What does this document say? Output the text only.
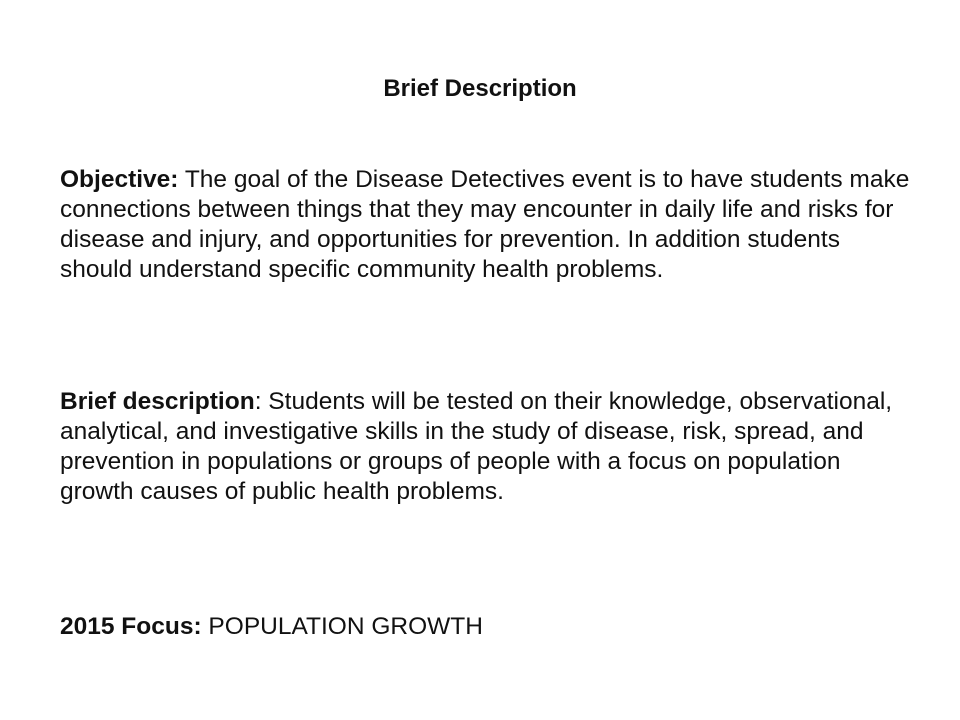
Brief Description

Objective: The goal of the Disease Detectives event is to have students make connections between things that they may encounter in daily life and risks for disease and injury, and opportunities for prevention. In addition students should understand specific community health problems.

Brief description: Students will be tested on their knowledge, observational, analytical, and investigative skills in the study of disease, risk, spread, and prevention in populations or groups of people with a focus on population growth causes of public health problems.

2015 Focus: POPULATION GROWTH
